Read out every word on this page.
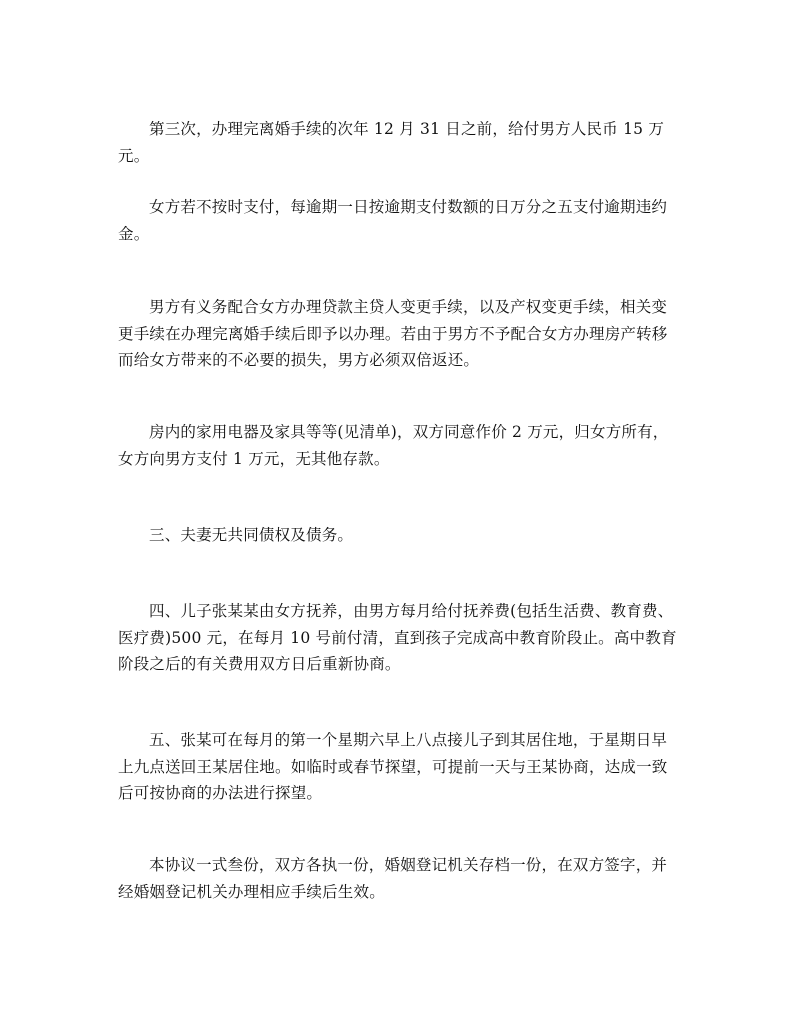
第三次，办理完离婚手续的次年 12 月 31 日之前，给付男方人民币 15 万元。

女方若不按时支付，每逾期一日按逾期支付数额的日万分之五支付逾期违约金。

男方有义务配合女方办理贷款主贷人变更手续，以及产权变更手续，相关变更手续在办理完离婚手续后即予以办理。若由于男方不予配合女方办理房产转移而给女方带来的不必要的损失，男方必须双倍返还。

房内的家用电器及家具等等(见清单)，双方同意作价 2 万元，归女方所有，女方向男方支付 1 万元，无其他存款。

三、夫妻无共同债权及债务。

四、儿子张某某由女方抚养，由男方每月给付抚养费(包括生活费、教育费、医疗费)500 元，在每月 10 号前付清，直到孩子完成高中教育阶段止。高中教育阶段之后的有关费用双方日后重新协商。

五、张某可在每月的第一个星期六早上八点接儿子到其居住地，于星期日早上九点送回王某居住地。如临时或春节探望，可提前一天与王某协商，达成一致后可按协商的办法进行探望。

本协议一式叁份，双方各执一份，婚姻登记机关存档一份，在双方签字，并经婚姻登记机关办理相应手续后生效。
